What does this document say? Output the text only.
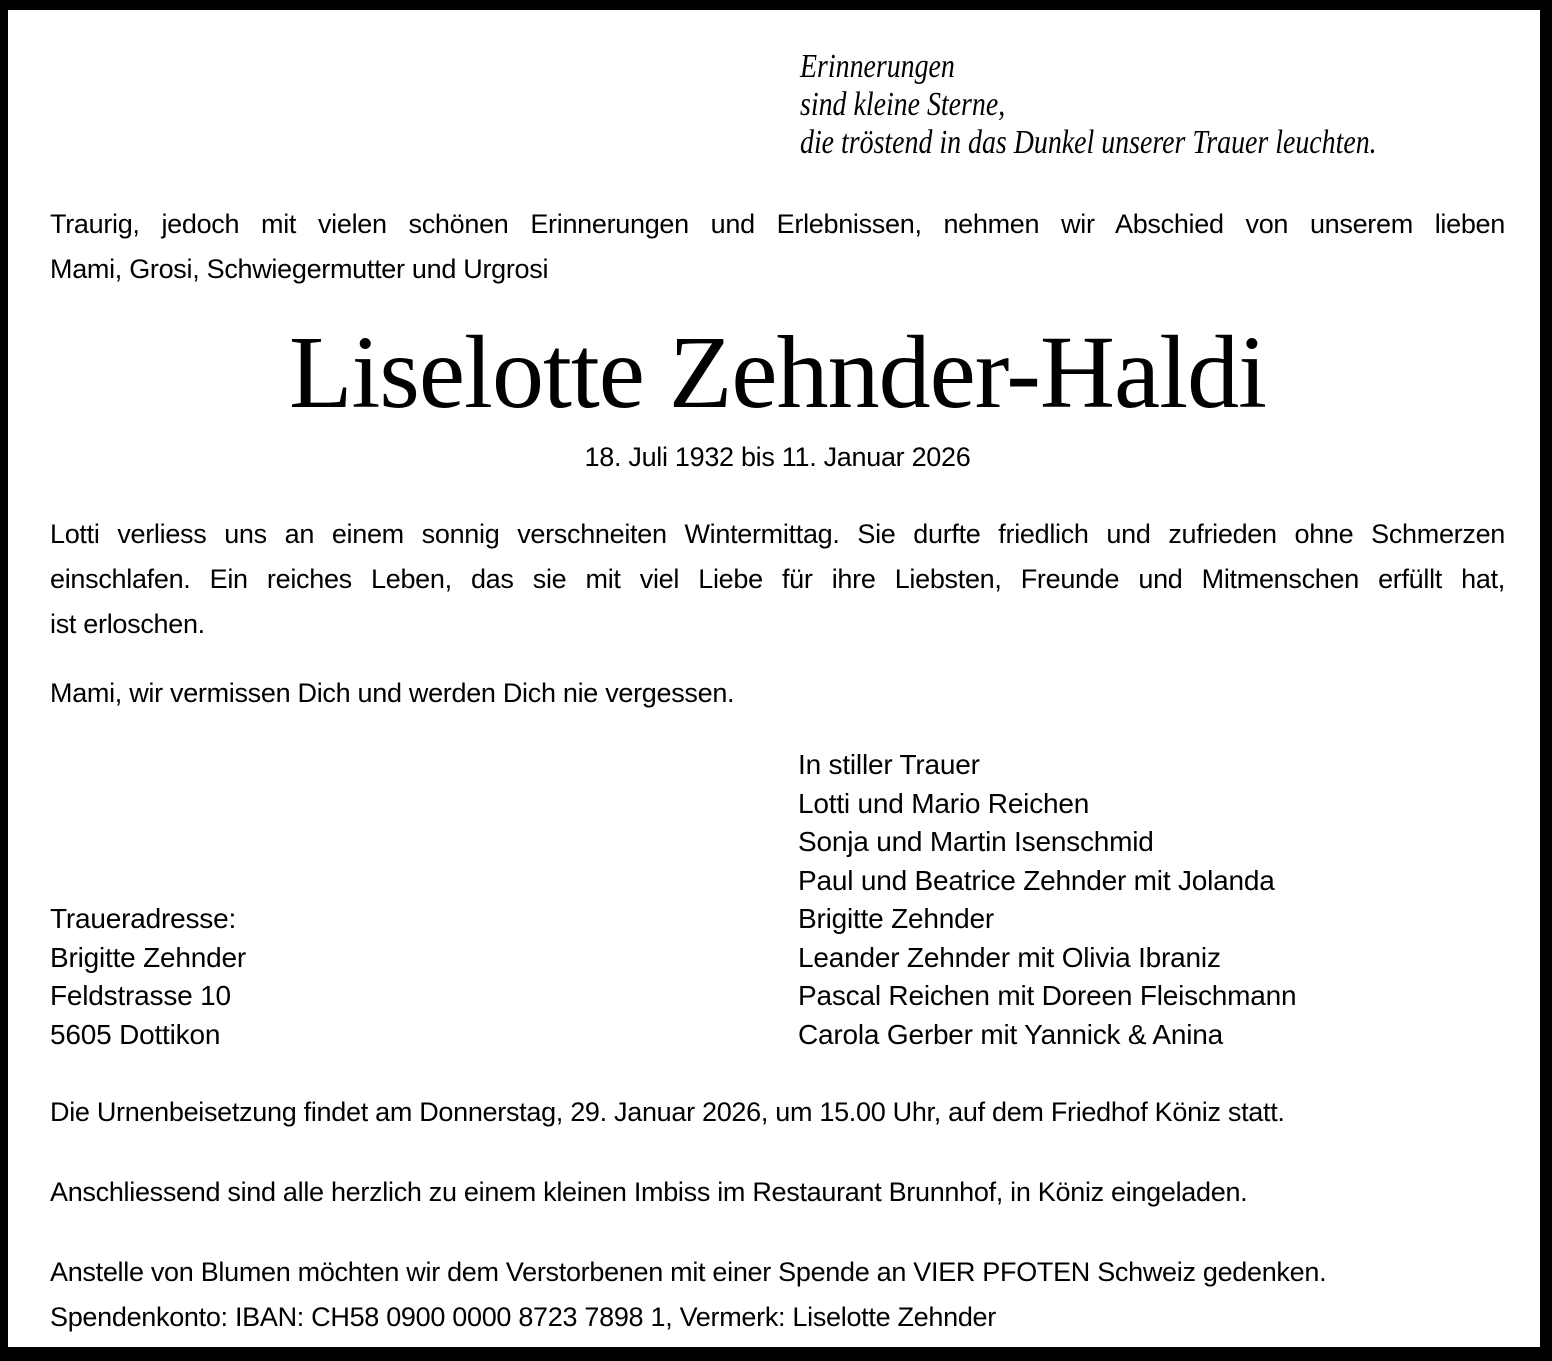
Erinnerungen
sind kleine Sterne,
die tröstend in das Dunkel unserer Trauer leuchten.
Traurig, jedoch mit vielen schönen Erinnerungen und Erlebnissen, nehmen wir Abschied von unserem lieben
Mami, Grosi, Schwiegermutter und Urgrosi
Liselotte Zehnder-Haldi
18. Juli 1932 bis 11. Januar 2026
Lotti verliess uns an einem sonnig verschneiten Wintermittag. Sie durfte friedlich und zufrieden ohne Schmerzen
einschlafen. Ein reiches Leben, das sie mit viel Liebe für ihre Liebsten, Freunde und Mitmenschen erfüllt hat,
ist erloschen.
Mami, wir vermissen Dich und werden Dich nie vergessen.
Traueradresse:
Brigitte Zehnder
Feldstrasse 10
5605 Dottikon
In stiller Trauer
Lotti und Mario Reichen
Sonja und Martin Isenschmid
Paul und Beatrice Zehnder mit Jolanda
Brigitte Zehnder
Leander Zehnder mit Olivia Ibraniz
Pascal Reichen mit Doreen Fleischmann
Carola Gerber mit Yannick & Anina
Die Urnenbeisetzung findet am Donnerstag, 29. Januar 2026, um 15.00 Uhr, auf dem Friedhof Köniz statt.
Anschliessend sind alle herzlich zu einem kleinen Imbiss im Restaurant Brunnhof, in Köniz eingeladen.
Anstelle von Blumen möchten wir dem Verstorbenen mit einer Spende an VIER PFOTEN Schweiz gedenken.
Spendenkonto: IBAN: CH58 0900 0000 8723 7898 1, Vermerk: Liselotte Zehnder
